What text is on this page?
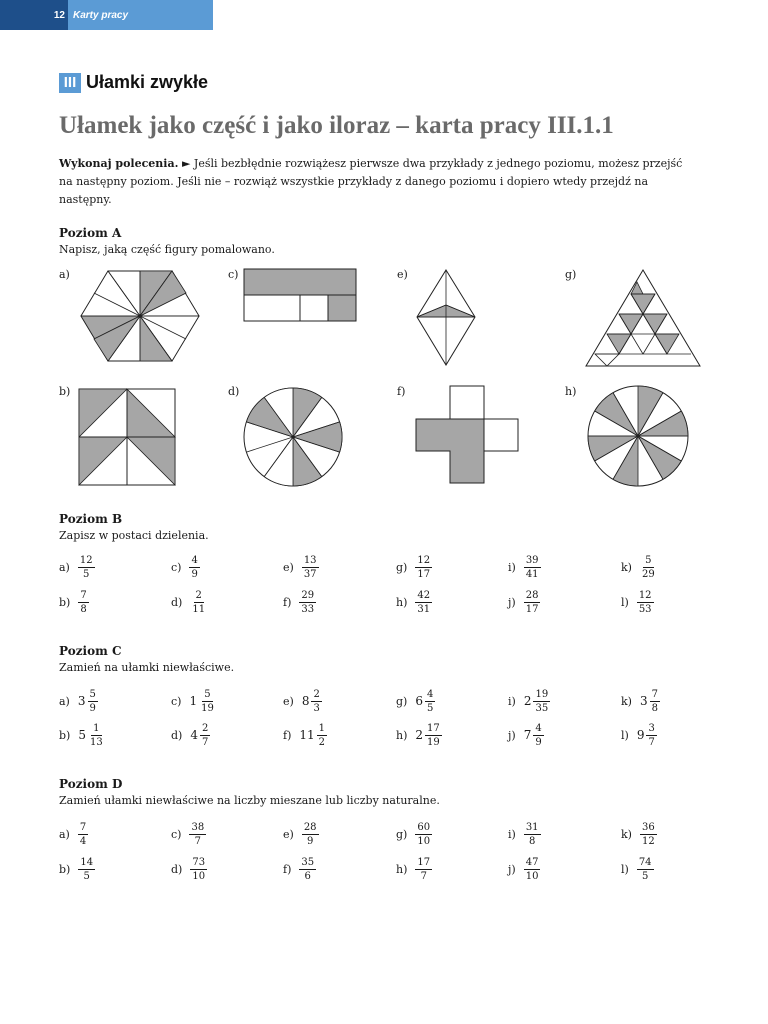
12 Karty pracy
III Ułamki zwykłe
Ułamek jako część i jako iloraz – karta pracy III.1.1
Wykonaj polecenia. ► Jeśli bezbłędnie rozwiążesz pierwsze dwa przykłady z jednego poziomu, możesz przejść na następny poziom. Jeśli nie – rozwiąż wszystkie przykłady z danego poziomu i dopiero wtedy przejdź na następny.
Poziom A
Napisz, jaką część figury pomalowano.
a)	c)	e)	g)
b)	d)	f)	h)
Poziom B
Zapisz w postaci dzielenia.
$a) \frac{12}{5}$	$c) \frac{4}{9}$	$e) \frac{13}{37}$	$g) \frac{12}{17}$	$i) \frac{39}{41}$	$k) \frac{5}{29}$
$b) \frac{7}{8}$	$d) \frac{2}{11}$	$f) \frac{29}{33}$	$h) \frac{42}{31}$	$j) \frac{28}{17}$	$l) \frac{12}{53}$
Poziom C
Zamień na ułamki niewłaściwe.
a) $3 \frac{5}{9}$	c) $1 \frac{5}{19}$	e) $8 \frac{2}{3}$	g) $6 \frac{4}{5}$	i) $2 \frac{19}{35}$	k) $3 \frac{7}{8}$
b) $5 \frac{1}{13}$	d) $4 \frac{2}{7}$	f) $11 \frac{1}{2}$	h) $2 \frac{17}{19}$	j) $7 \frac{4}{9}$	l) $9 \frac{3}{7}$
Poziom D
Zamień ułamki niewłaściwe na liczby mieszane lub liczby naturalne.
$a) \frac{7}{4}$	$c) \frac{38}{7}$	$e) \frac{28}{9}$	$g) \frac{60}{10}$	$i) \frac{31}{8}$	$k) \frac{36}{12}$
$b) \frac{14}{5}$	$d) \frac{73}{10}$	$f) \frac{35}{6}$	$h) \frac{17}{7}$	$j) \frac{47}{10}$	$l) \frac{74}{5}$
